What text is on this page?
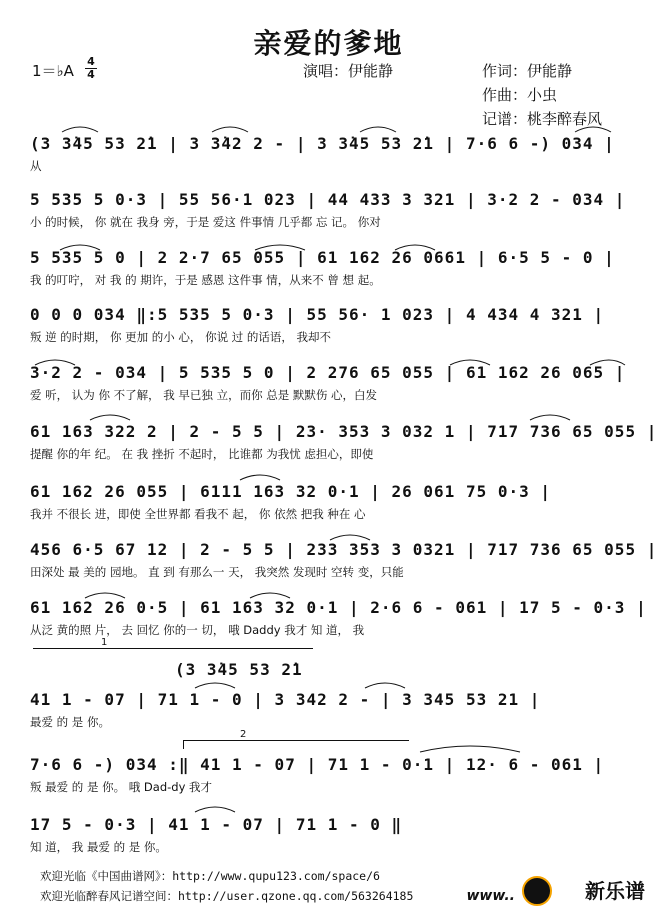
亲爱的爹地
1＝♭A
4
4	演唱：伊能静	作词：伊能静
作曲：小虫
记谱：桃李醉春风
(3 3̇45 53 2̇1 | 3 3̇42 2 - | 3 3̇45 53 2̇1 | 7·6 6 -) 034 |
从
5 535 5 0·3 | 55 56·1 023 | 44 433 3 321 | 3·2 2 - 034 |
小 的时候， 你 就在 我身 旁，于是 爱这 件事情 几乎都 忘 记。 你对
5 535 5 0 | 2 2·7 65 055 | 61 162 26 0661 | 6·5 5 - 0 |
我 的叮咛， 对 我 的 期许，于是 感恩 这件事 情，从来不 曾 想 起。
0 0 0 034 ‖:5 535 5 0·3 | 55 56· 1 023 | 4 434 4 321 |
叛 逆 的时期， 你 更加 的小 心， 你说 过 的话语， 我却不
3·2 2 - 034 | 5 535 5 0 | 2 276 65 055 | 61 162 26 065 |
爱 听， 认为 你 不了解， 我 早已独 立，而你 总是 默默伤 心，白发
61 163 322 2 | 2 - 5 5 | 23· 353 3 032 1 | 717 736 65 055 |
提醒 你的年 纪。 在 我 挫折 不起时， 比谁都 为我忧 虑担心，即使
61 162 26 055 | 6111 163 32 0·1 | 26 061 75 0·3 |
我并 不很长 进，即使 全世界都 看我不 起， 你 依然 把我 种在 心
456 6·5 67 12 | 2 - 5 5 | 233 353 3 0321 | 717 736 65 055 |
田深处 最 美的 园地。 直 到 有那么一 天， 我突然 发现时 空转 变，只能
61 162 26 0·5 | 61 163 32 0·1 | 2·6 6 - 061 | 17 5 - 0·3 |
从泛 黄的照 片， 去 回忆 你的一 切， 哦 Daddy 我才 知 道， 我
1
(3 3̇45 53 2̇1
41 1 - 07 | 71 1 - 0 | 3 342 2 - | 3 345 53 21 |
最爱 的 是 你。
2
7·6 6 -) 034 :‖ 41 1 - 07 | 71 1 - 0·1 | 12· 6 - 061 |
叛 最爱 的 是 你。 哦 Dad-dy 我才
17 5 - 0·3 | 41 1 - 07 | 71 1 - 0 ‖
知 道， 我 最爱 的 是 你。
欢迎光临《中国曲谱网》：http://www.qupu123.com/space/6
欢迎光临醉春风记谱空间：http://user.qzone.qq.com/563264185	www..	新乐谱
